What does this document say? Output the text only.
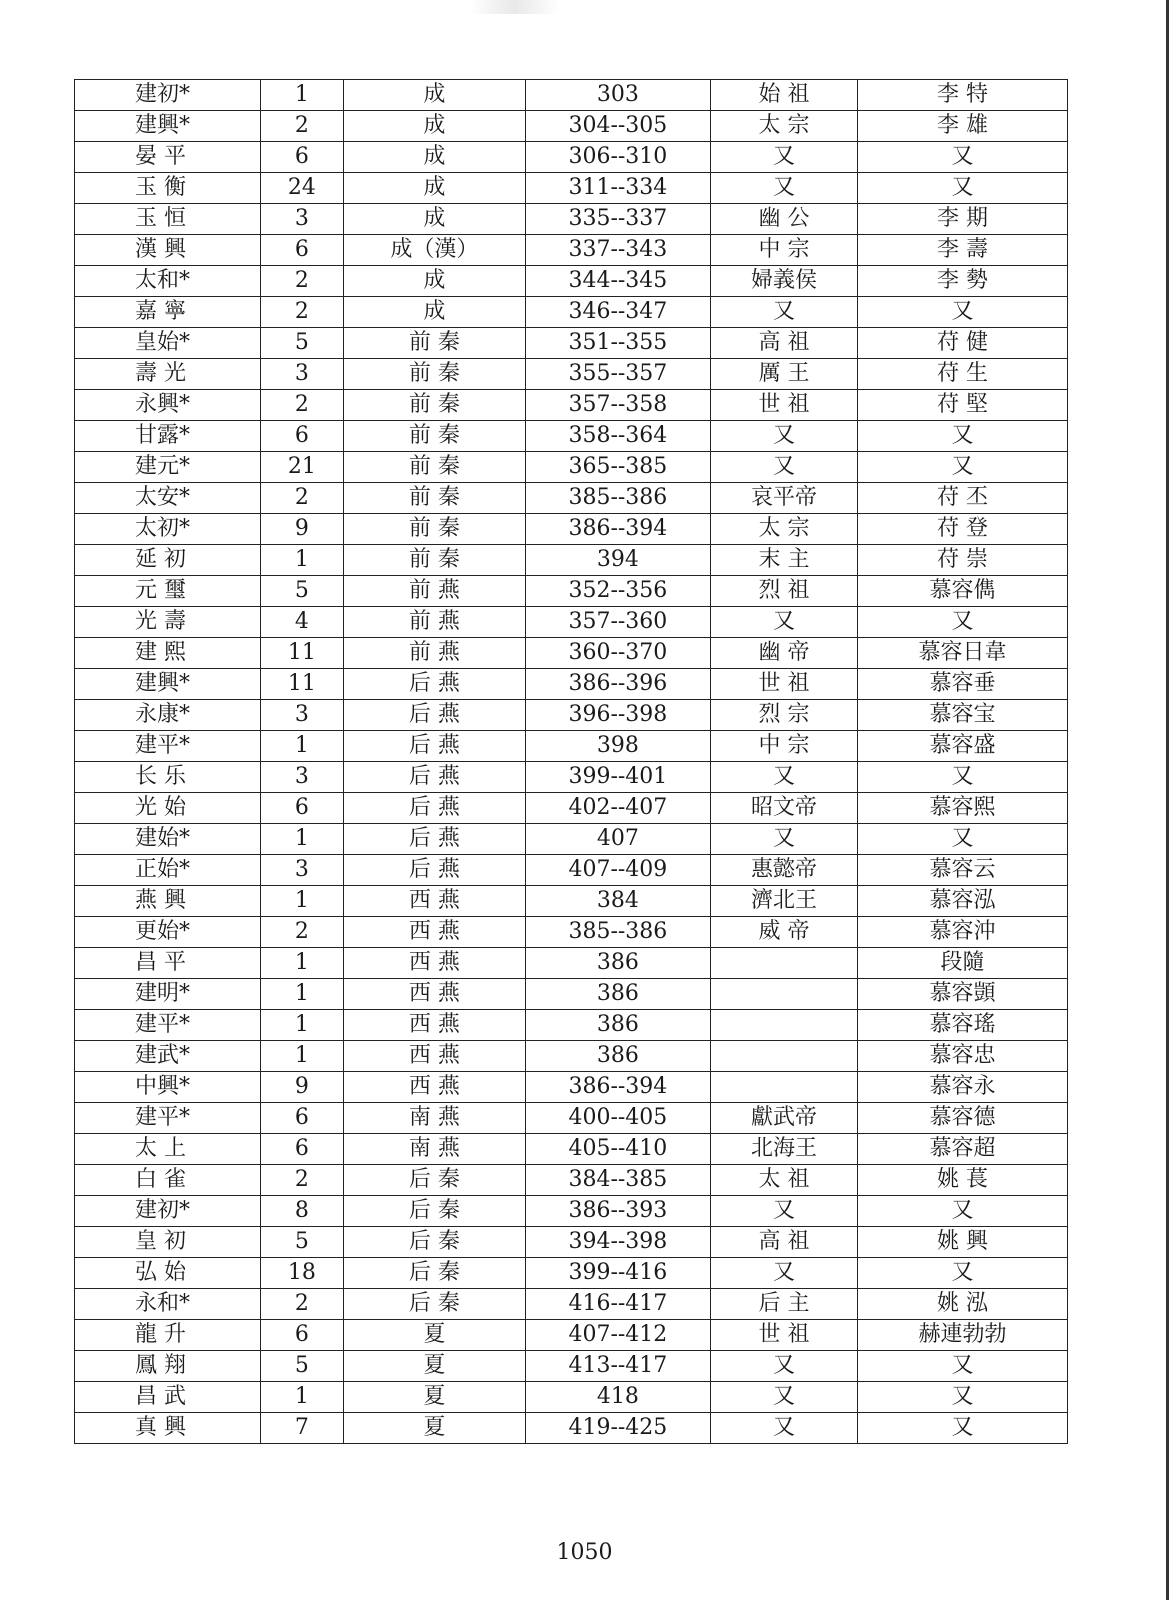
建初*	1	成	303	始 祖	李 特
建興*	2	成	304--305	太 宗	李 雄
晏 平	6	成	306--310	又	又
玉 衡	24	成	311--334	又	又
玉 恒	3	成	335--337	幽 公	李 期
漢 興	6	成（漢）	337--343	中 宗	李 壽
太和*	2	成	344--345	婦義侯	李 勢
嘉 寧	2	成	346--347	又	又
皇始*	5	前 秦	351--355	高 祖	苻 健
壽 光	3	前 秦	355--357	厲 王	苻 生
永興*	2	前 秦	357--358	世 祖	苻 堅
甘露*	6	前 秦	358--364	又	又
建元*	21	前 秦	365--385	又	又
太安*	2	前 秦	385--386	哀平帝	苻 丕
太初*	9	前 秦	386--394	太 宗	苻 登
延 初	1	前 秦	394	末 主	苻 崇
元 璽	5	前 燕	352--356	烈 祖	慕容儁
光 壽	4	前 燕	357--360	又	又
建 熙	11	前 燕	360--370	幽 帝	慕容日韋
建興*	11	后 燕	386--396	世 祖	慕容垂
永康*	3	后 燕	396--398	烈 宗	慕容宝
建平*	1	后 燕	398	中 宗	慕容盛
长 乐	3	后 燕	399--401	又	又
光 始	6	后 燕	402--407	昭文帝	慕容熙
建始*	1	后 燕	407	又	又
正始*	3	后 燕	407--409	惠懿帝	慕容云
燕 興	1	西 燕	384	濟北王	慕容泓
更始*	2	西 燕	385--386	威 帝	慕容沖
昌 平	1	西 燕	386		段隨
建明*	1	西 燕	386		慕容顗
建平*	1	西 燕	386		慕容瑤
建武*	1	西 燕	386		慕容忠
中興*	9	西 燕	386--394		慕容永
建平*	6	南 燕	400--405	獻武帝	慕容德
太 上	6	南 燕	405--410	北海王	慕容超
白 雀	2	后 秦	384--385	太 祖	姚 萇
建初*	8	后 秦	386--393	又	又
皇 初	5	后 秦	394--398	高 祖	姚 興
弘 始	18	后 秦	399--416	又	又
永和*	2	后 秦	416--417	后 主	姚 泓
龍 升	6	夏	407--412	世 祖	赫連勃勃
鳳 翔	5	夏	413--417	又	又
昌 武	1	夏	418	又	又
真 興	7	夏	419--425	又	又
1050
